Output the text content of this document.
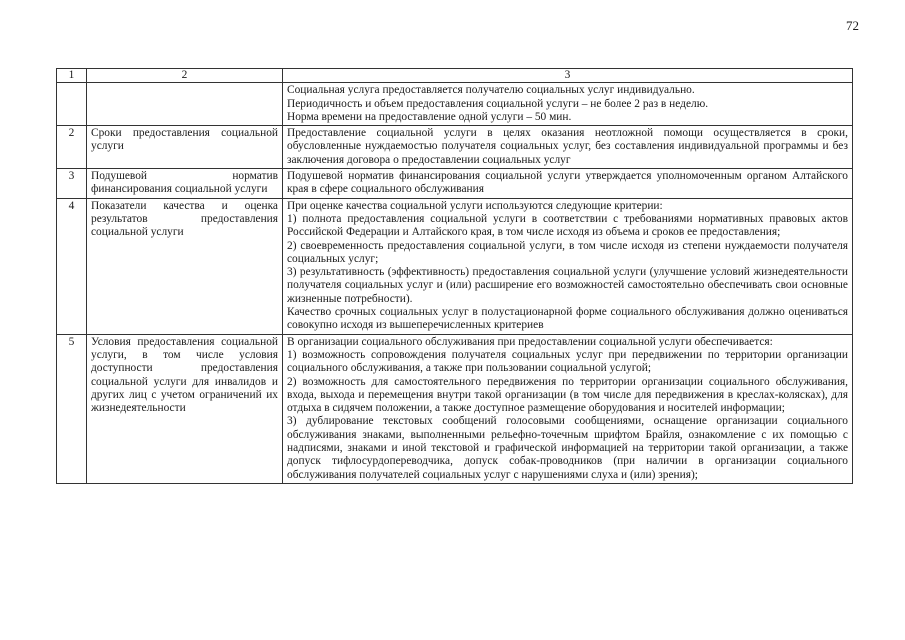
72
1	2	3

		Социальная услуга предоставляется получателю социальных услуг индивидуально.
Периодичность и объем предоставления социальной услуги – не более 2 раз в неделю.
Норма времени на предоставление одной услуги – 50 мин.

2	Сроки предоставления социальной услуги	Предоставление социальной услуги в целях оказания неотложной помощи осуществляется в сроки, обусловленные нуждаемостью получателя социальных услуг, без составления индивидуальной программы и без заключения договора о предоставлении социальных услуг

3	Подушевой норматив финансирования социальной услуги	Подушевой норматив финансирования социальной услуги утверждается уполномоченным органом Алтайского края в сфере социального обслуживания

4	Показатели качества и оценка результатов предоставления социальной услуги	При оценке качества социальной услуги используются следующие критерии:
1) полнота предоставления социальной услуги в соответствии с требованиями нормативных правовых актов Российской Федерации и Алтайского края, в том числе исходя из объема и сроков ее предоставления;
2) своевременность предоставления социальной услуги, в том числе исходя из степени нуждаемости получателя социальных услуг;
3) результативность (эффективность) предоставления социальной услуги (улучшение условий жизнедеятельности получателя социальных услуг и (или) расширение его возможностей самостоятельно обеспечивать свои основные жизненные потребности).
Качество срочных социальных услуг в полустационарной форме социального обслуживания должно оцениваться совокупно исходя из вышеперечисленных критериев

5	Условия предоставления социальной услуги, в том числе условия доступности предоставления социальной услуги для инвалидов и других лиц с учетом ограничений их жизнедеятельности	В организации социального обслуживания при предоставлении социальной услуги обеспечивается:
1) возможность сопровождения получателя социальных услуг при передвижении по территории организации социального обслуживания, а также при пользовании социальной услугой;
2) возможность для самостоятельного передвижения по территории организации социального обслуживания, входа, выхода и перемещения внутри такой организации (в том числе для передвижения в креслах-колясках), для отдыха в сидячем положении, а также доступное размещение оборудования и носителей информации;
3) дублирование текстовых сообщений голосовыми сообщениями, оснащение организации социального обслуживания знаками, выполненными рельефно-точечным шрифтом Брайля, ознакомление с их помощью с надписями, знаками и иной текстовой и графической информацией на территории такой организации, а также допуск тифлосурдопереводчика, допуск собак-проводников (при наличии в организации социального обслуживания получателей социальных услуг с нарушениями слуха и (или) зрения);
